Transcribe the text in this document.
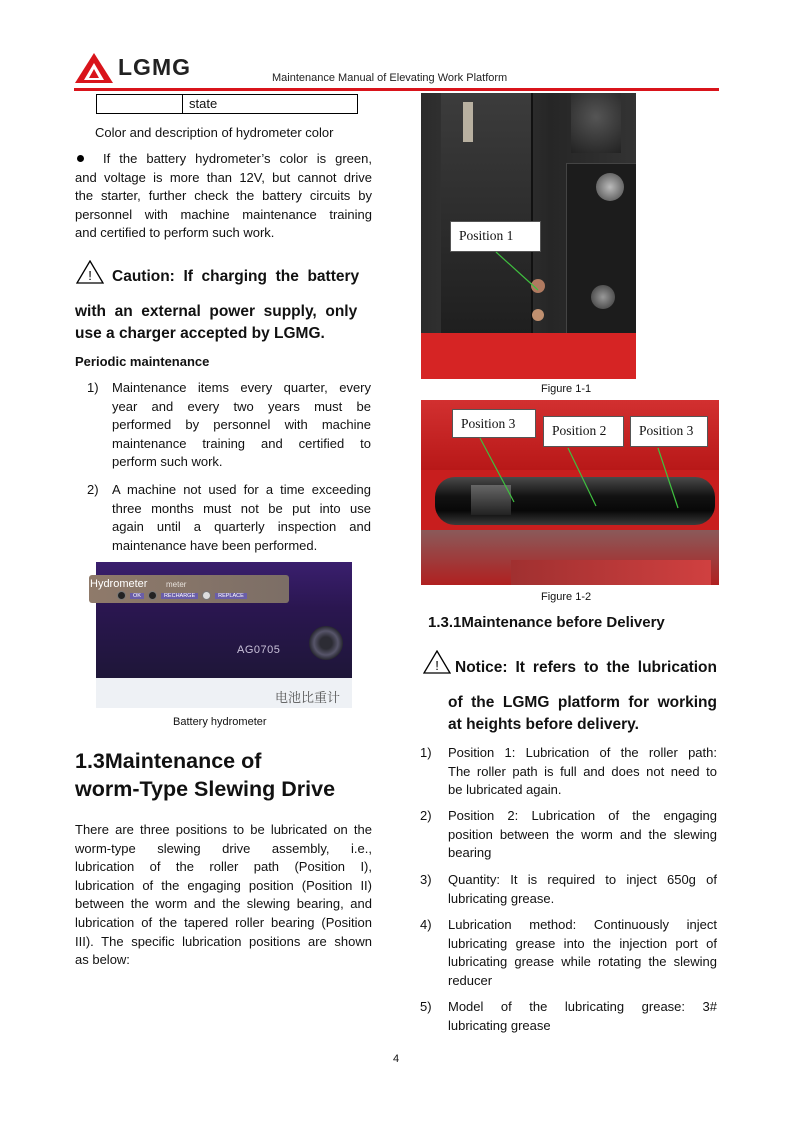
LGMG	Maintenance Manual of Elevating Work Platform
state
Color and description of hydrometer color
If the battery hydrometer’s color is green,
and voltage is more than 12V, but cannot drive
the starter, further check the battery circuits by
personnel with machine maintenance training
and certified to perform such work.
! Caution:  If  charging  the  battery
with  an  external  power  supply,  only
use a charger accepted by LGMG.
Periodic maintenance
1) Maintenance items every quarter, every
year  and  every  two  years  must  be
performed  by  personnel  with  machine
maintenance  training  and  certified  to
perform such work.
2) A machine not used for a time exceeding
three months must not be put into use
again  until  a  quarterly  inspection  and
maintenance have been performed.
Hydrometer meter
OK	RECHARGE	REPLACE
AG0705
电池比重计
Battery hydrometer
1.3Maintenance of
worm-Type Slewing Drive
There are three positions to be lubricated on the
worm-type  slewing  drive  assembly,  i.e.,
lubrication  of  the  roller  path  (Position  I),
lubrication of the engaging position (Position II)
between the worm and the slewing bearing, and
lubrication of the tapered roller bearing (Position
III). The specific lubrication positions are shown
as below:
Position 1
Figure 1-1
Position 3	Position 2	Position 3
Figure 1-2
1.3.1Maintenance before Delivery
! Notice: It refers to the lubrication
of the LGMG platform for working
at heights before delivery.
1) Position  1:  Lubrication  of  the  roller  path:
The roller path is full and does not need to
be lubricated again.
2) Position  2:  Lubrication  of  the  engaging
position between the worm and the slewing
bearing
3) Quantity:  It  is  required  to  inject  650g  of
lubricating grease.
4) Lubrication  method:  Continuously  inject
lubricating grease into the injection port of
lubricating grease while rotating the slewing
reducer
5) Model   of   the   lubricating   grease:   3#
lubricating grease
4
